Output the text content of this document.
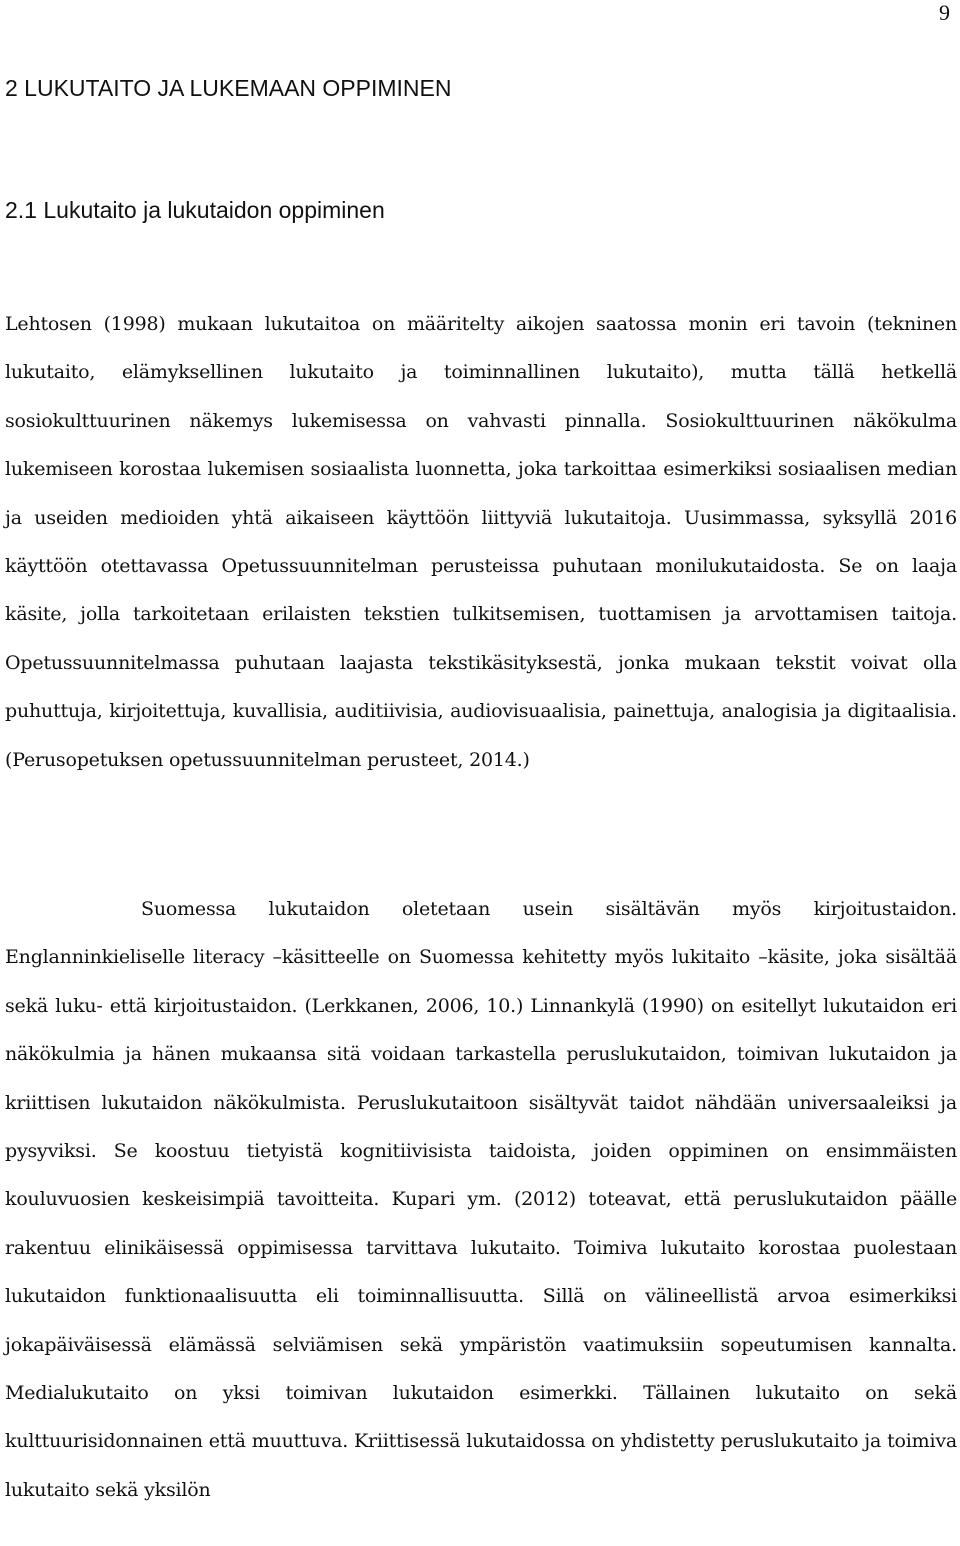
9
2 LUKUTAITO JA LUKEMAAN OPPIMINEN
2.1 Lukutaito ja lukutaidon oppiminen

Lehtosen (1998) mukaan lukutaitoa on määritelty aikojen saatossa monin eri tavoin (tekninen lukutaito, elämyksellinen lukutaito ja toiminnallinen lukutaito), mutta tällä hetkellä sosiokulttuurinen näkemys lukemisessa on vahvasti pinnalla. Sosiokulttuurinen näkökulma lukemiseen korostaa lukemisen sosiaalista luonnetta, joka tarkoittaa esimerkiksi sosiaalisen median ja useiden medioiden yhtä aikaiseen käyttöön liittyviä lukutaitoja. Uusimmassa, syksyllä 2016 käyttöön otettavassa Opetussuunnitelman perusteissa puhutaan monilukutaidosta. Se on laaja käsite, jolla tarkoitetaan erilaisten tekstien tulkitsemisen, tuottamisen ja arvottamisen taitoja. Opetussuunnitelmassa puhutaan laajasta tekstikäsityksestä, jonka mukaan tekstit voivat olla puhuttuja, kirjoitettuja, kuvallisia, auditiivisia, audiovisuaalisia, painettuja, analogisia ja digitaalisia. (Perusopetuksen opetussuunnitelman perusteet, 2014.)

Suomessa lukutaidon oletetaan usein sisältävän myös kirjoitustaidon. Englanninkieliselle literacy –käsitteelle on Suomessa kehitetty myös lukitaito –käsite, joka sisältää sekä luku- että kirjoitustaidon. (Lerkkanen, 2006, 10.) Linnankylä (1990) on esitellyt lukutaidon eri näkökulmia ja hänen mukaansa sitä voidaan tarkastella peruslukutaidon, toimivan lukutaidon ja kriittisen lukutaidon näkökulmista. Peruslukutaitoon sisältyvät taidot nähdään universaaleiksi ja pysyviksi. Se koostuu tietyistä kognitiivisista taidoista, joiden oppiminen on ensimmäisten kouluvuosien keskeisimpiä tavoitteita. Kupari ym. (2012) toteavat, että peruslukutaidon päälle rakentuu elinikäisessä oppimisessa tarvittava lukutaito. Toimiva lukutaito korostaa puolestaan lukutaidon funktionaalisuutta eli toiminnallisuutta. Sillä on välineellistä arvoa esimerkiksi jokapäiväisessä elämässä selviämisen sekä ympäristön vaatimuksiin sopeutumisen kannalta. Medialukutaito on yksi toimivan lukutaidon esimerkki. Tällainen lukutaito on sekä kulttuurisidonnainen että muuttuva. Kriittisessä lukutaidossa on yhdistetty peruslukutaito ja toimiva lukutaito sekä yksilön
